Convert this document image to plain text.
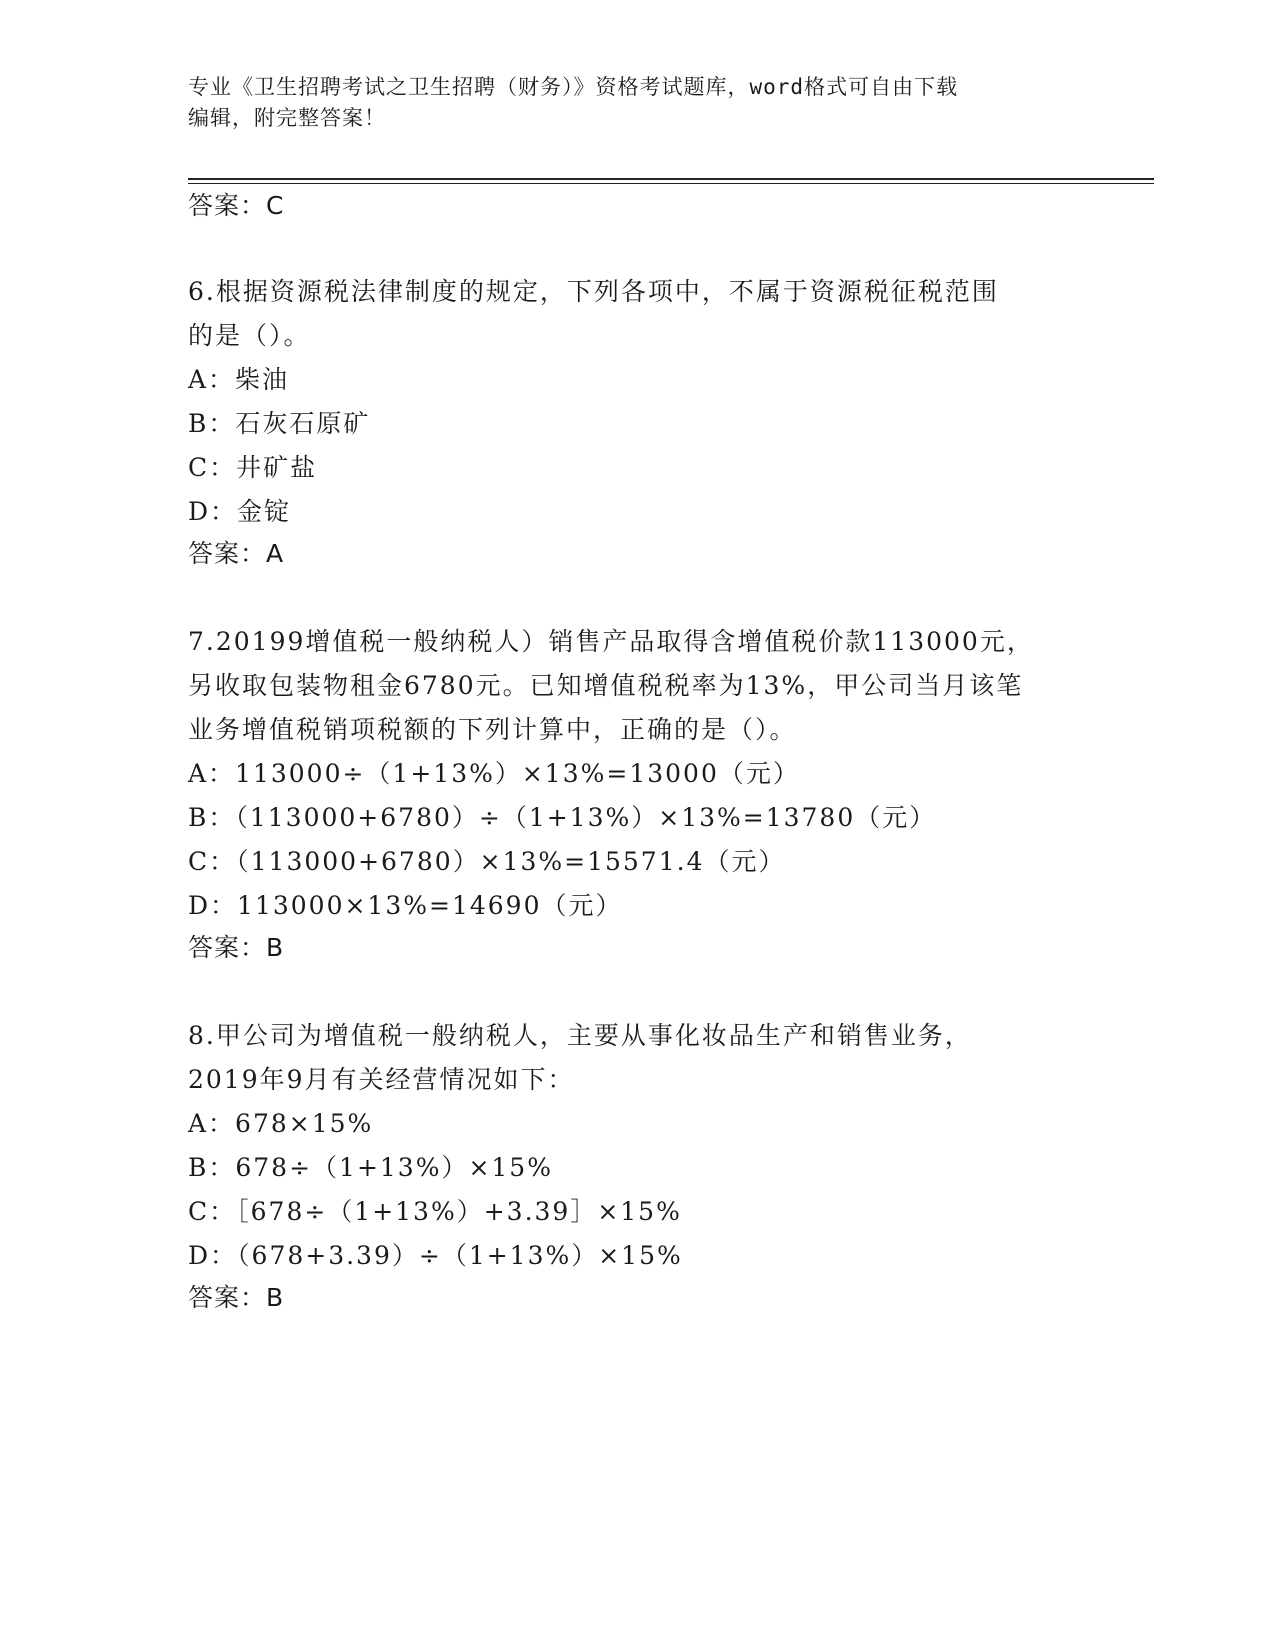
专业《卫生招聘考试之卫生招聘（财务）》资格考试题库，word格式可自由下载
编辑，附完整答案！
答案：C
6.根据资源税法律制度的规定，下列各项中，不属于资源税征税范围
的是（）。
A：柴油
B：石灰石原矿
C：井矿盐
D：金锭
答案：A
7.20199增值税一般纳税人）销售产品取得含增值税价款113000元，
另收取包装物租金6780元。已知增值税税率为13%，甲公司当月该笔
业务增值税销项税额的下列计算中，正确的是（）。
A：113000÷（1+13%）×13%=13000（元）
B：（113000+6780）÷（1+13%）×13%=13780（元）
C：（113000+6780）×13%=15571.4（元）
D：113000×13%=14690（元）
答案：B
8.甲公司为增值税一般纳税人，主要从事化妆品生产和销售业务，
2019年9月有关经营情况如下：
A：678×15%
B：678÷（1+13%）×15%
C：［678÷（1+13%）+3.39］×15%
D：（678+3.39）÷（1+13%）×15%
答案：B
